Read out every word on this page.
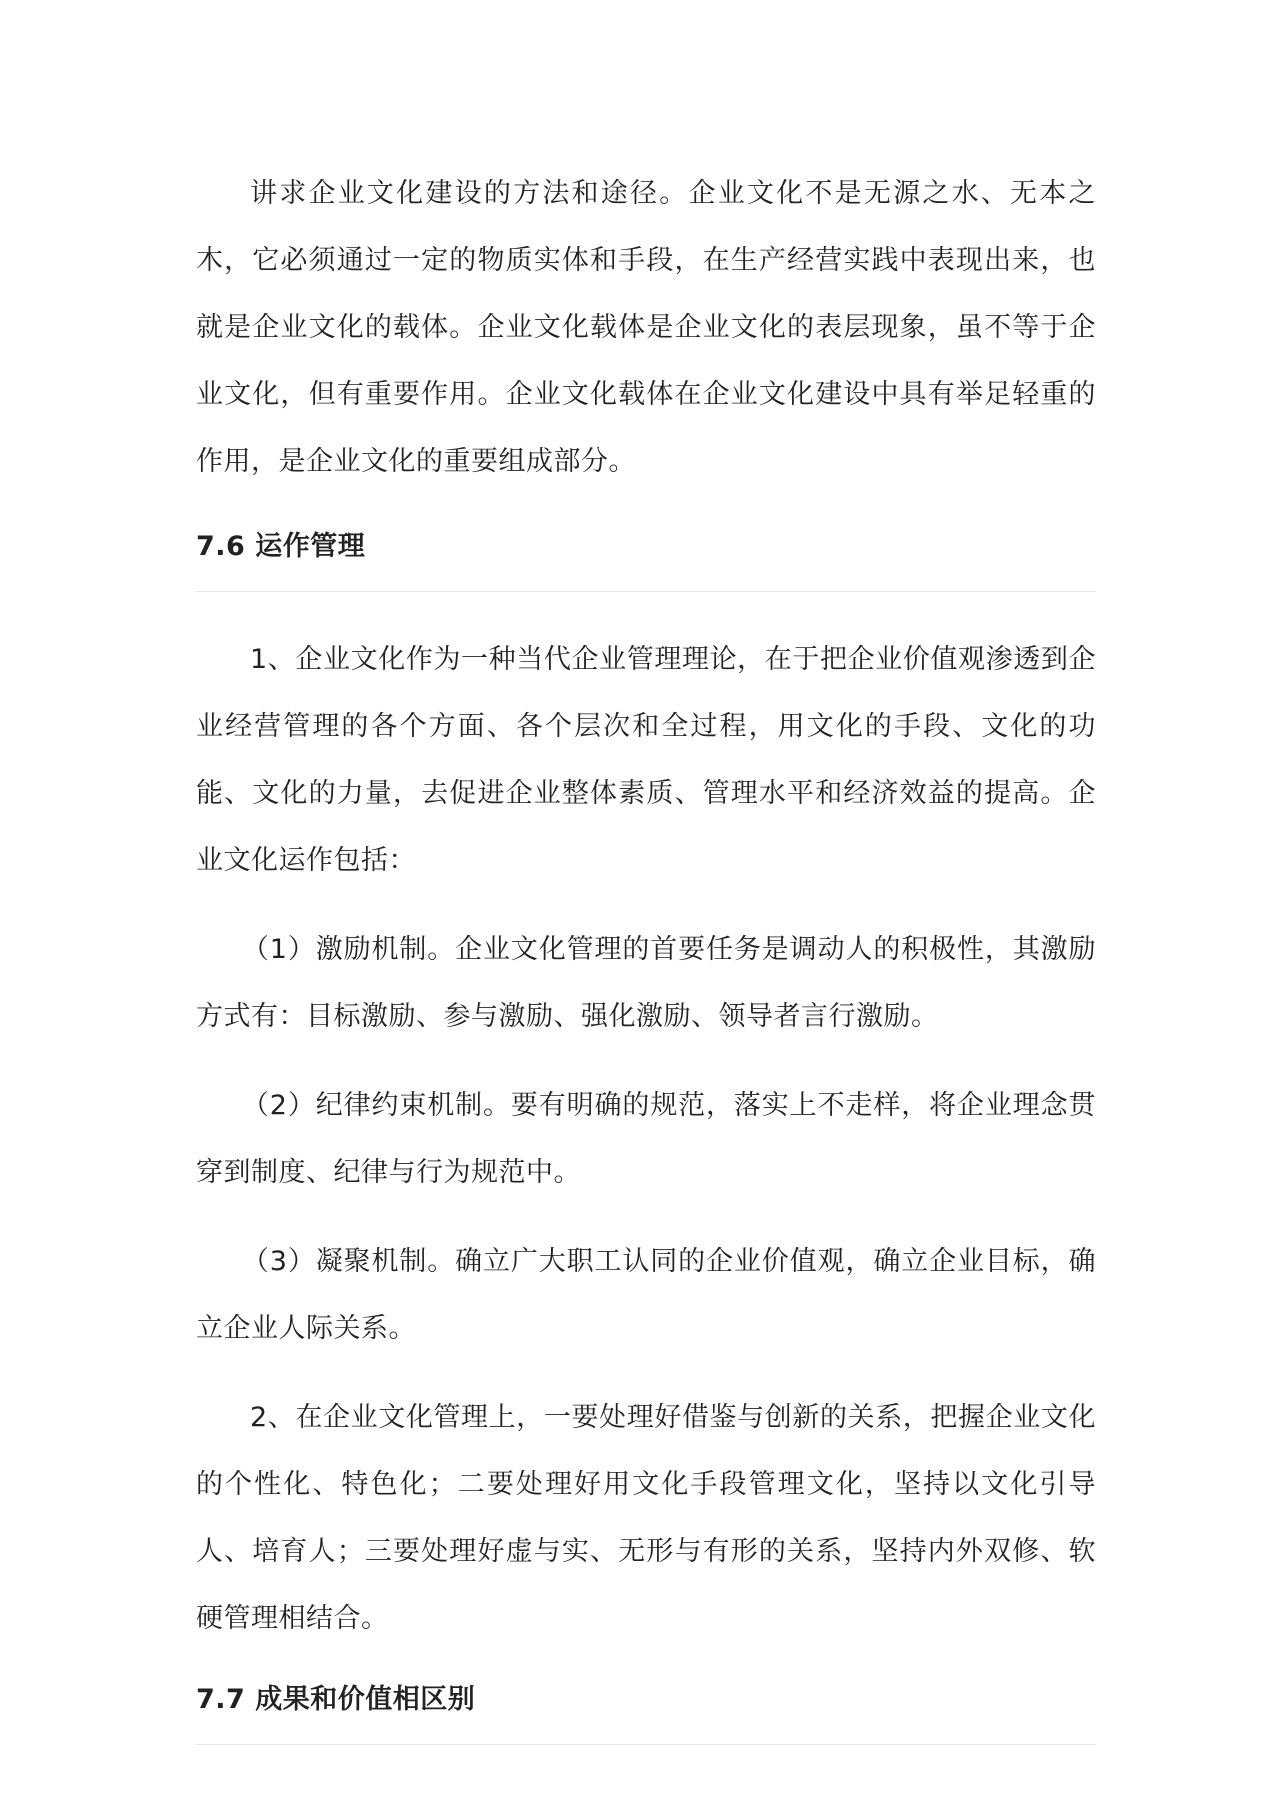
讲求企业文化建设的方法和途径。企业文化不是无源之水、无本之木，它必须通过一定的物质实体和手段，在生产经营实践中表现出来，也就是企业文化的载体。企业文化载体是企业文化的表层现象，虽不等于企业文化，但有重要作用。企业文化载体在企业文化建设中具有举足轻重的作用，是企业文化的重要组成部分。

7.6 运作管理

1、企业文化作为一种当代企业管理理论，在于把企业价值观渗透到企业经营管理的各个方面、各个层次和全过程，用文化的手段、文化的功能、文化的力量，去促进企业整体素质、管理水平和经济效益的提高。企业文化运作包括：

（1）激励机制。企业文化管理的首要任务是调动人的积极性，其激励方式有：目标激励、参与激励、强化激励、领导者言行激励。

（2）纪律约束机制。要有明确的规范，落实上不走样，将企业理念贯穿到制度、纪律与行为规范中。

（3）凝聚机制。确立广大职工认同的企业价值观，确立企业目标，确立企业人际关系。

2、在企业文化管理上，一要处理好借鉴与创新的关系，把握企业文化的个性化、特色化；二要处理好用文化手段管理文化，坚持以文化引导人、培育人；三要处理好虚与实、无形与有形的关系，坚持内外双修、软硬管理相结合。

7.7 成果和价值相区别
